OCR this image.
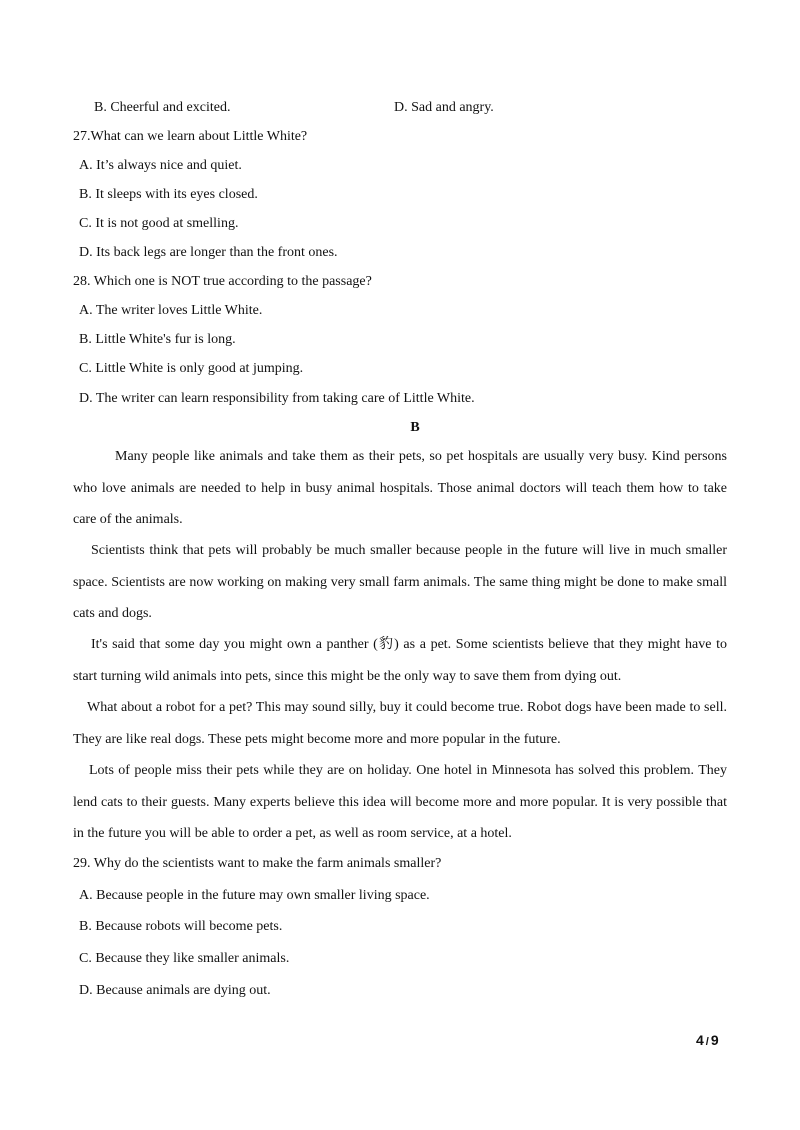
B. Cheerful and excited.	D. Sad and angry.
27.What can we learn about Little White?
A. It’s always nice and quiet.
B. It sleeps with its eyes closed.
C. It is not good at smelling.
D. Its back legs are longer than the front ones.
28. Which one is NOT true according to the passage?
A. The writer loves Little White.
B. Little White's fur is long.
C. Little White is only good at jumping.
D. The writer can learn responsibility from taking care of Little White.
B
Many people like animals and take them as their pets, so pet hospitals are usually very busy. Kind persons who love animals are needed to help in busy animal hospitals. Those animal doctors will teach them how to take care of the animals.
Scientists think that pets will probably be much smaller because people in the future will live in much smaller space. Scientists are now working on making very small farm animals. The same thing might be done to make small cats and dogs.
It's said that some day you might own a panther (豹) as a pet. Some scientists believe that they might have to start turning wild animals into pets, since this might be the only way to save them from dying out.
What about a robot for a pet? This may sound silly, buy it could become true. Robot dogs have been made to sell. They are like real dogs. These pets might become more and more popular in the future.
Lots of people miss their pets while they are on holiday. One hotel in Minnesota has solved this problem. They lend cats to their guests. Many experts believe this idea will become more and more popular. It is very possible that in the future you will be able to order a pet, as well as room service, at a hotel.
29. Why do the scientists want to make the farm animals smaller?
A. Because people in the future may own smaller living space.
B. Because robots will become pets.
C. Because they like smaller animals.
D. Because animals are dying out.
4 / 9
